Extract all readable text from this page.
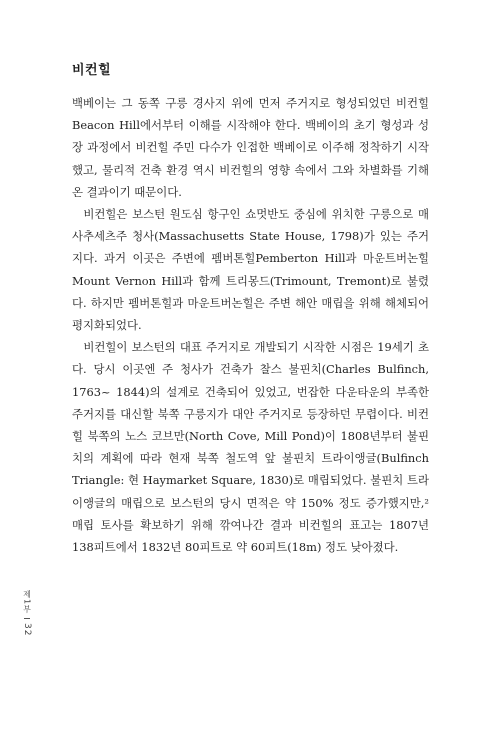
비컨힐

백베이는 그 동쪽 구릉 경사지 위에 먼저 주거지로 형성되었던 비컨힐Beacon Hill에서부터 이해를 시작해야 한다. 백베이의 초기 형성과 성장 과정에서 비컨힐 주민 다수가 인접한 백베이로 이주해 정착하기 시작했고, 물리적 건축 환경 역시 비컨힐의 영향 속에서 그와 차별화를 기해온 결과이기 때문이다.

비컨힐은 보스턴 원도심 항구인 쇼멋반도 중심에 위치한 구릉으로 매사추세츠주 청사(Massachusetts State House, 1798)가 있는 주거지다. 과거 이곳은 주변에 펨버톤힐Pemberton Hill과 마운트버논힐Mount Vernon Hill과 함께 트리몽드(Trimount, Tremont)로 불렸다. 하지만 펨버톤힐과 마운트버논힐은 주변 해안 매립을 위해 해체되어 평지화되었다.

비컨힐이 보스턴의 대표 주거지로 개발되기 시작한 시점은 19세기 초다. 당시 이곳엔 주 청사가 건축가 찰스 불핀치(Charles Bulfinch, 1763~ 1844)의 설계로 건축되어 있었고, 번잡한 다운타운의 부족한 주거지를 대신할 북쪽 구릉지가 대안 주거지로 등장하던 무렵이다. 비컨힐 북쪽의 노스 코브만(North Cove, Mill Pond)이 1808년부터 불핀치의 계획에 따라 현재 북쪽 철도역 앞 불핀치 트라이앵글(Bulfinch Triangle: 현 Haymarket Square, 1830)로 매립되었다. 불핀치 트라이앵글의 매립으로 보스턴의 당시 면적은 약 150% 정도 증가했지만,² 매립 토사를 확보하기 위해 깎여나간 결과 비컨힐의 표고는 1807년 138피트에서 1832년 80피트로 약 60피트(18m) 정도 낮아졌다.

제1부
32
